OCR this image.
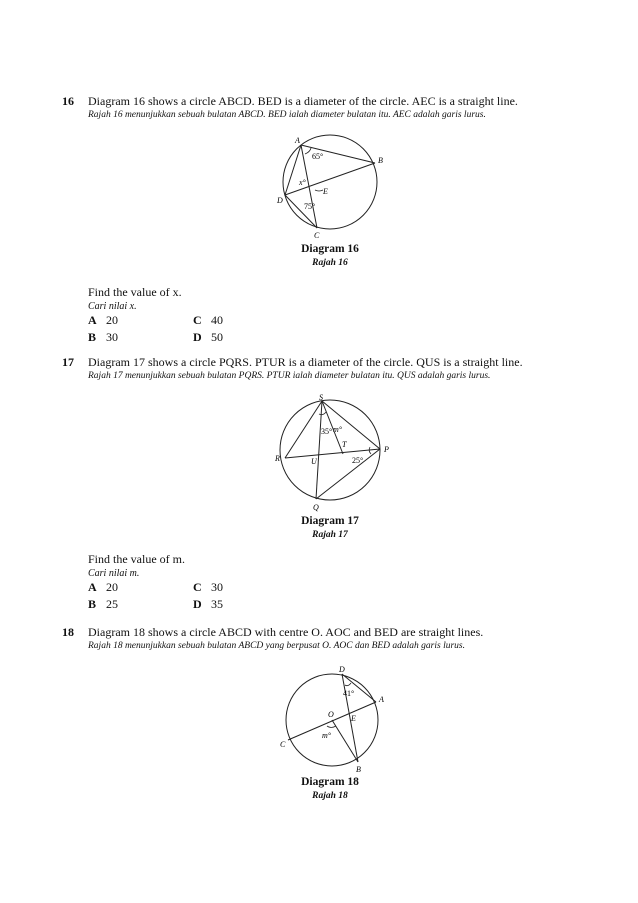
16 Diagram 16 shows a circle ABCD. BED is a diameter of the circle. AEC is a straight line.
Rajah 16 menunjukkan sebuah bulatan ABCD. BED ialah diameter bulatan itu. AEC adalah garis lurus.
A
B
C
D
E
65°
x°
75°
Diagram 16
Rajah 16
Find the value of x.
Cari nilai x.
A 20	C 40
B 30	D 50
17 Diagram 17 shows a circle PQRS. PTUR is a diameter of the circle. QUS is a straight line.
Rajah 17 menunjukkan sebuah bulatan PQRS. PTUR ialah diameter bulatan itu. QUS adalah garis lurus.
S
P
R
Q
T
U
35° m°
25°
Diagram 17
Rajah 17
Find the value of m.
Cari nilai m.
A 20	C 30
B 25	D 35
18 Diagram 18 shows a circle ABCD with centre O. AOC and BED are straight lines.
Rajah 18 menunjukkan sebuah bulatan ABCD yang berpusat O. AOC dan BED adalah garis lurus.
D
A
O E
C
B
41°
m°
Diagram 18
Rajah 18
